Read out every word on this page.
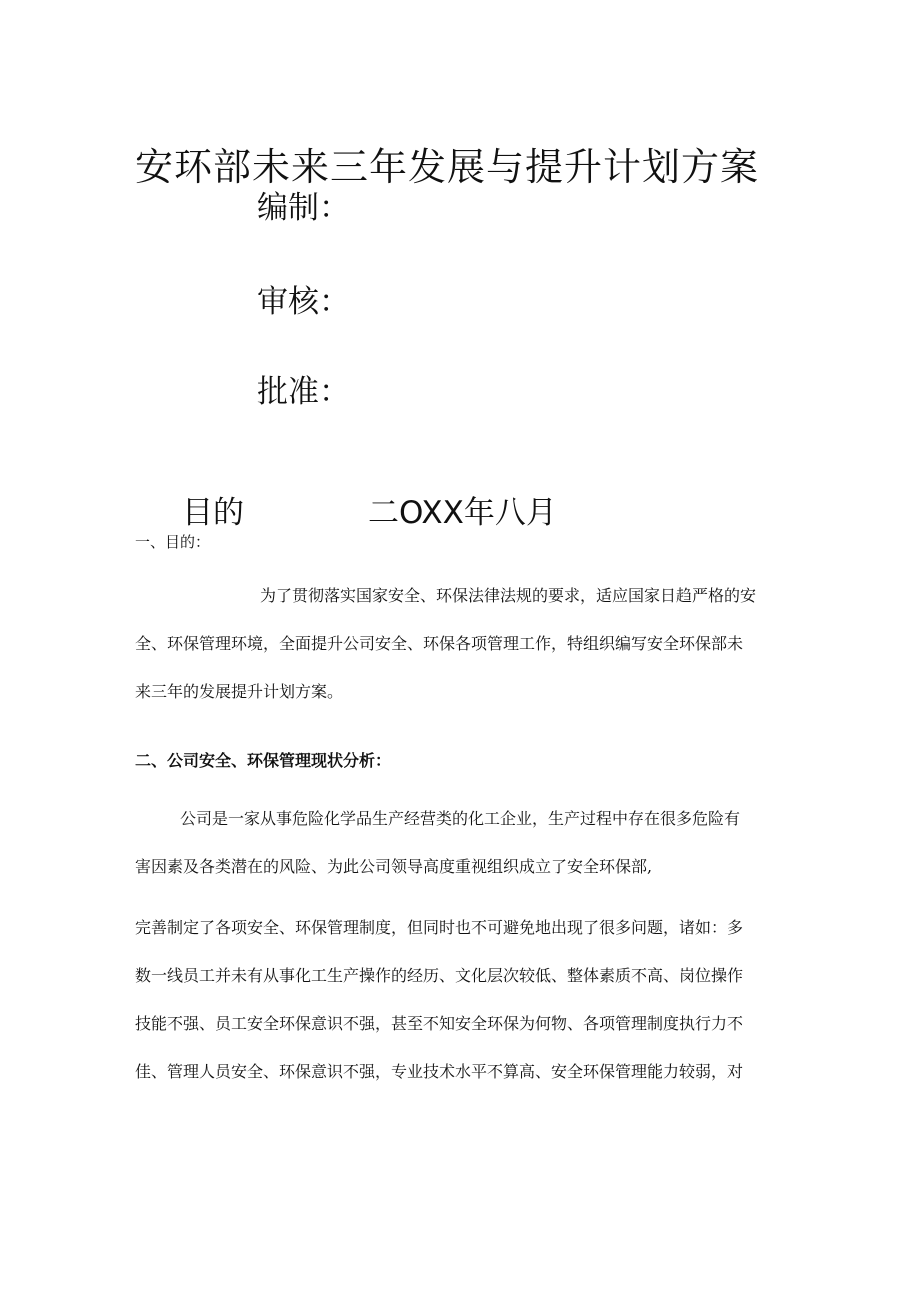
安环部未来三年发展与提升计划方案
编制：
审核：
批准：
目的	二OXX年八月
一、目的：
为了贯彻落实国家安全、环保法律法规的要求，适应国家日趋严格的安
全、环保管理环境，全面提升公司安全、环保各项管理工作，特组织编写安全环保部未
来三年的发展提升计划方案。
二、公司安全、环保管理现状分析：
公司是一家从事危险化学品生产经营类的化工企业，生产过程中存在很多危险有
害因素及各类潜在的风险、为此公司领导高度重视组织成立了安全环保部,
完善制定了各项安全、环保管理制度，但同时也不可避免地出现了很多问题，诸如：多
数一线员工并未有从事化工生产操作的经历、文化层次较低、整体素质不高、岗位操作
技能不强、员工安全环保意识不强，甚至不知安全环保为何物、各项管理制度执行力不
佳、管理人员安全、环保意识不强，专业技术水平不算高、安全环保管理能力较弱，对
